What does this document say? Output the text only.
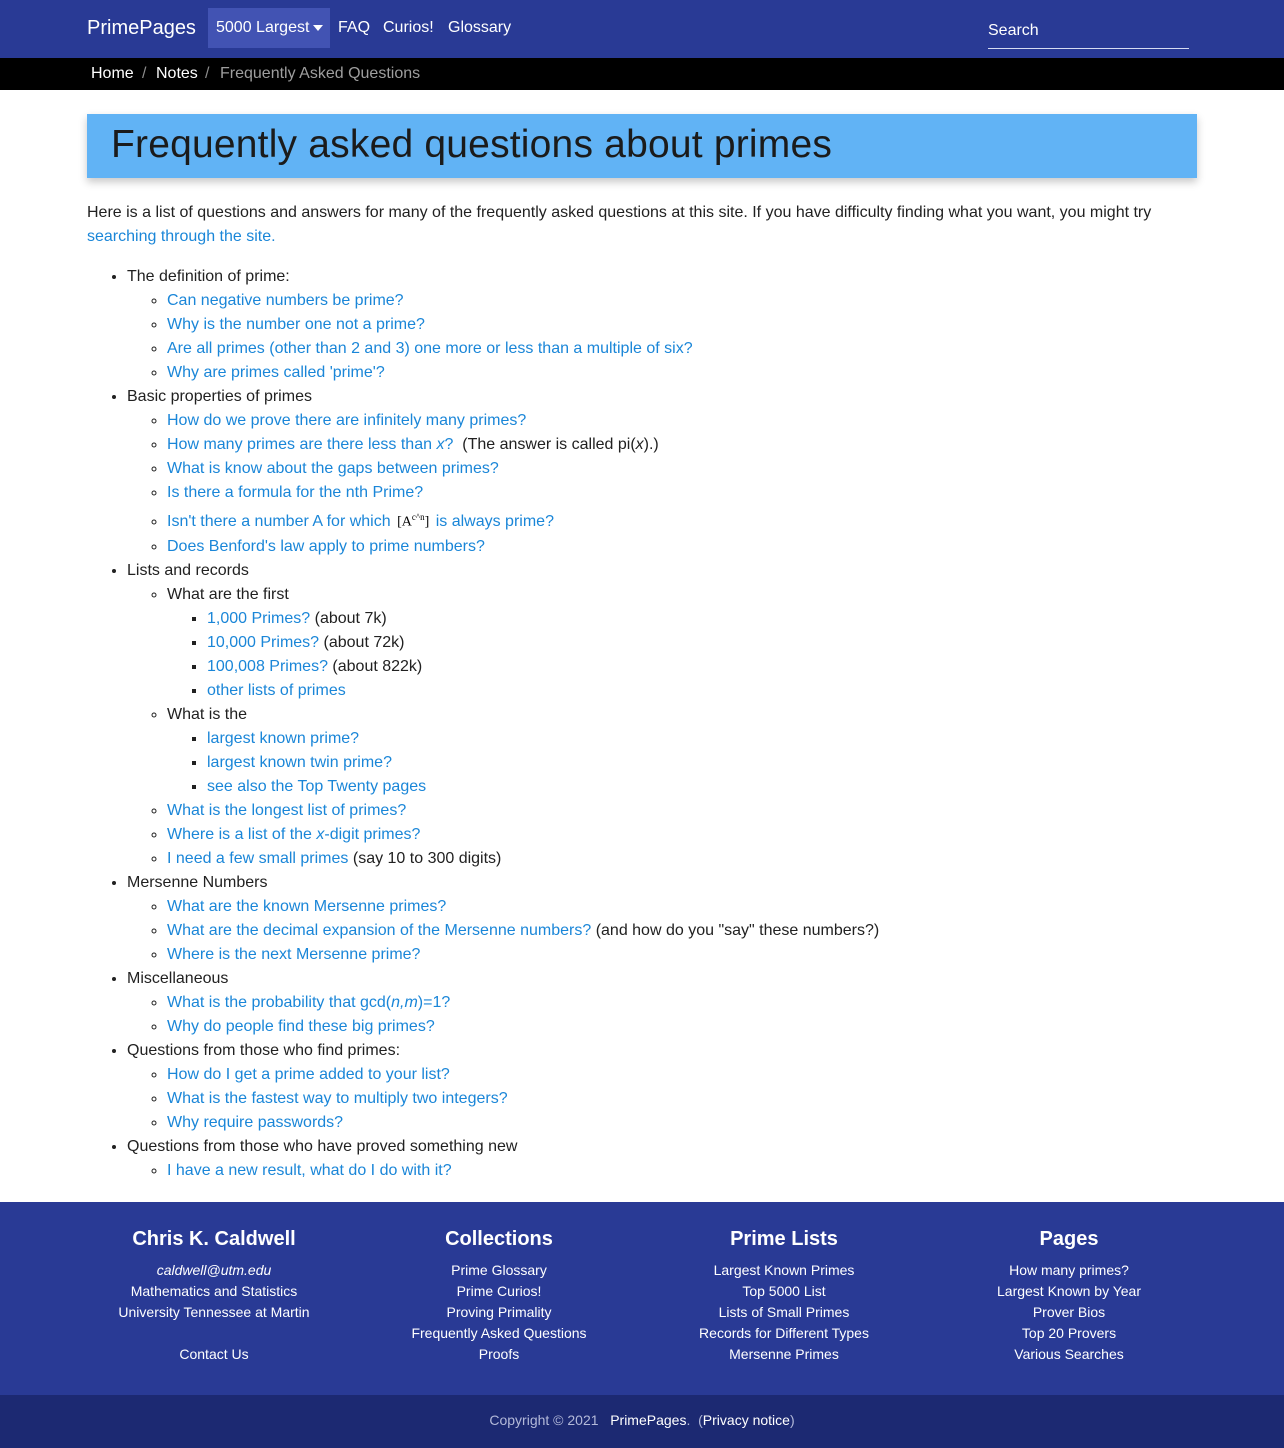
PrimePages	5000 Largest	FAQ Curios! Glossary
Search
Home / Notes / Frequently Asked Questions
Frequently asked questions about primes
Here is a list of questions and answers for many of the frequently asked questions at this site. If you have difficulty finding what you want, you might try searching through the site.
• The definition of prime:
◦ Can negative numbers be prime?
◦ Why is the number one not a prime?
◦ Are all primes (other than 2 and 3) one more or less than a multiple of six?
◦ Why are primes called 'prime'?
• Basic properties of primes
◦ How do we prove there are infinitely many primes?
◦ How many primes are there less than x? (The answer is called pi(x).)
◦ What is know about the gaps between primes?
◦ Is there a formula for the nth Prime?
◦ Isn't there a number A for which $[A^{c\^{}n}]$ is always prime?
◦ Does Benford's law apply to prime numbers?
• Lists and records
◦ What are the first
▪ 1,000 Primes? (about 7k)
▪ 10,000 Primes? (about 72k)
▪ 100,008 Primes? (about 822k)
▪ other lists of primes
◦ What is the
▪ largest known prime?
▪ largest known twin prime?
▪ see also the Top Twenty pages
◦ What is the longest list of primes?
◦ Where is a list of the x-digit primes?
◦ I need a few small primes (say 10 to 300 digits)
• Mersenne Numbers
◦ What are the known Mersenne primes?
◦ What are the decimal expansion of the Mersenne numbers? (and how do you "say" these numbers?)
◦ Where is the next Mersenne prime?
• Miscellaneous
◦ What is the probability that gcd(n,m)=1?
◦ Why do people find these big primes?
• Questions from those who find primes:
◦ How do I get a prime added to your list?
◦ What is the fastest way to multiply two integers?
◦ Why require passwords?
• Questions from those who have proved something new
◦ I have a new result, what do I do with it?
Chris K. Caldwell
caldwell@utm.edu
Mathematics and Statistics
University Tennessee at Martin
Contact Us
Collections
Prime Glossary
Prime Curios!
Proving Primality
Frequently Asked Questions
Proofs
Prime Lists
Largest Known Primes
Top 5000 List
Lists of Small Primes
Records for Different Types
Mersenne Primes
Pages
How many primes?
Largest Known by Year
Prover Bios
Top 20 Provers
Various Searches
Copyright © 2021 PrimePages. (Privacy notice)
